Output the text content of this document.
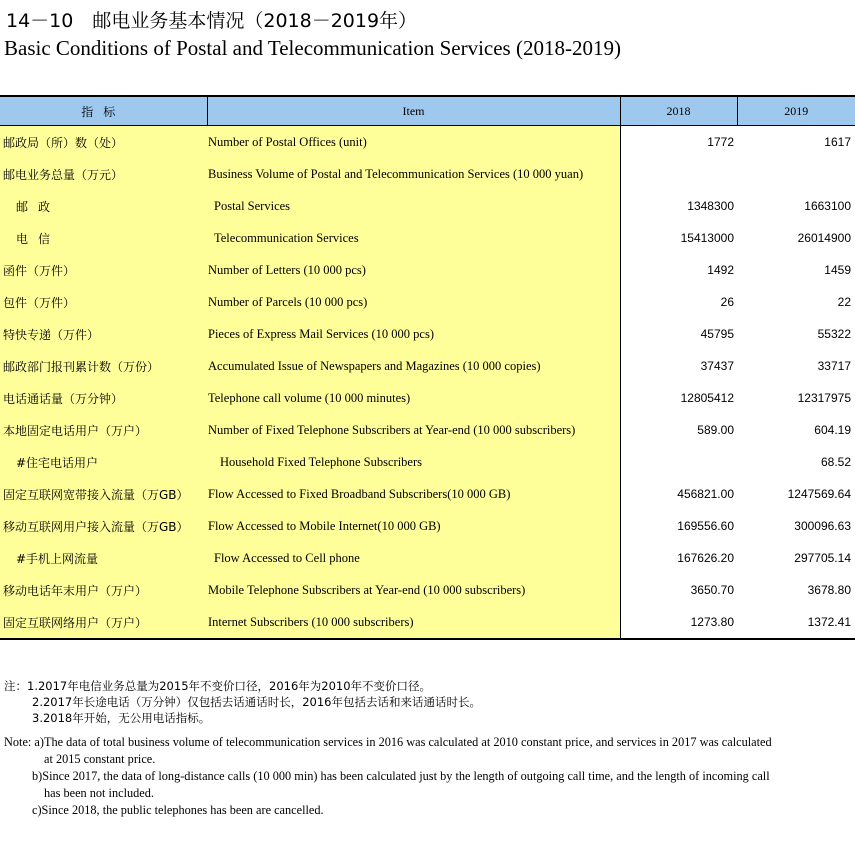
14－10　邮电业务基本情况（2018－2019年）
Basic Conditions of Postal and Telecommunication Services (2018-2019)
指标	Item	2018	2019
邮政局（所）数（处）	Number of Postal Offices (unit)	1772	1617
邮电业务总量（万元）	Business Volume of Postal and Telecommunication Services (10 000 yuan)		
邮政	Postal Services	1348300	1663100
电信	Telecommunication Services	15413000	26014900
函件（万件）	Number of Letters (10 000 pcs)	1492	1459
包件（万件）	Number of Parcels (10 000 pcs)	26	22
特快专递（万件）	Pieces of Express Mail Services (10 000 pcs)	45795	55322
邮政部门报刊累计数（万份）	Accumulated Issue of Newspapers and Magazines (10 000 copies)	37437	33717
电话通话量（万分钟）	Telephone call volume (10 000 minutes)	12805412	12317975
本地固定电话用户（万户）	Number of Fixed Telephone Subscribers at Year-end (10 000 subscribers)	589.00	604.19
#住宅电话用户	Household Fixed Telephone Subscribers		68.52
固定互联网宽带接入流量（万GB）	Flow Accessed to Fixed Broadband Subscribers(10 000 GB)	456821.00	1247569.64
移动互联网用户接入流量（万GB）	Flow Accessed to Mobile Internet(10 000 GB)	169556.60	300096.63
#手机上网流量	Flow Accessed to Cell phone	167626.20	297705.14
移动电话年末用户（万户）	Mobile Telephone Subscribers at Year-end (10 000 subscribers)	3650.70	3678.80
固定互联网络用户（万户）	Internet Subscribers (10 000 subscribers)	1273.80	1372.41
注：1.2017年电信业务总量为2015年不变价口径，2016年为2010年不变价口径。
2.2017年长途电话（万分钟）仅包括去话通话时长，2016年包括去话和来话通话时长。
3.2018年开始，无公用电话指标。
Note: a)The data of total business volume of telecommunication services in 2016 was calculated at 2010 constant price, and services in 2017 was calculated
at 2015 constant price.
b)Since 2017, the data of long-distance calls (10 000 min) has been calculated just by the length of outgoing call time, and the length of incoming call
has been not included.
c)Since 2018, the public telephones has been are cancelled.
